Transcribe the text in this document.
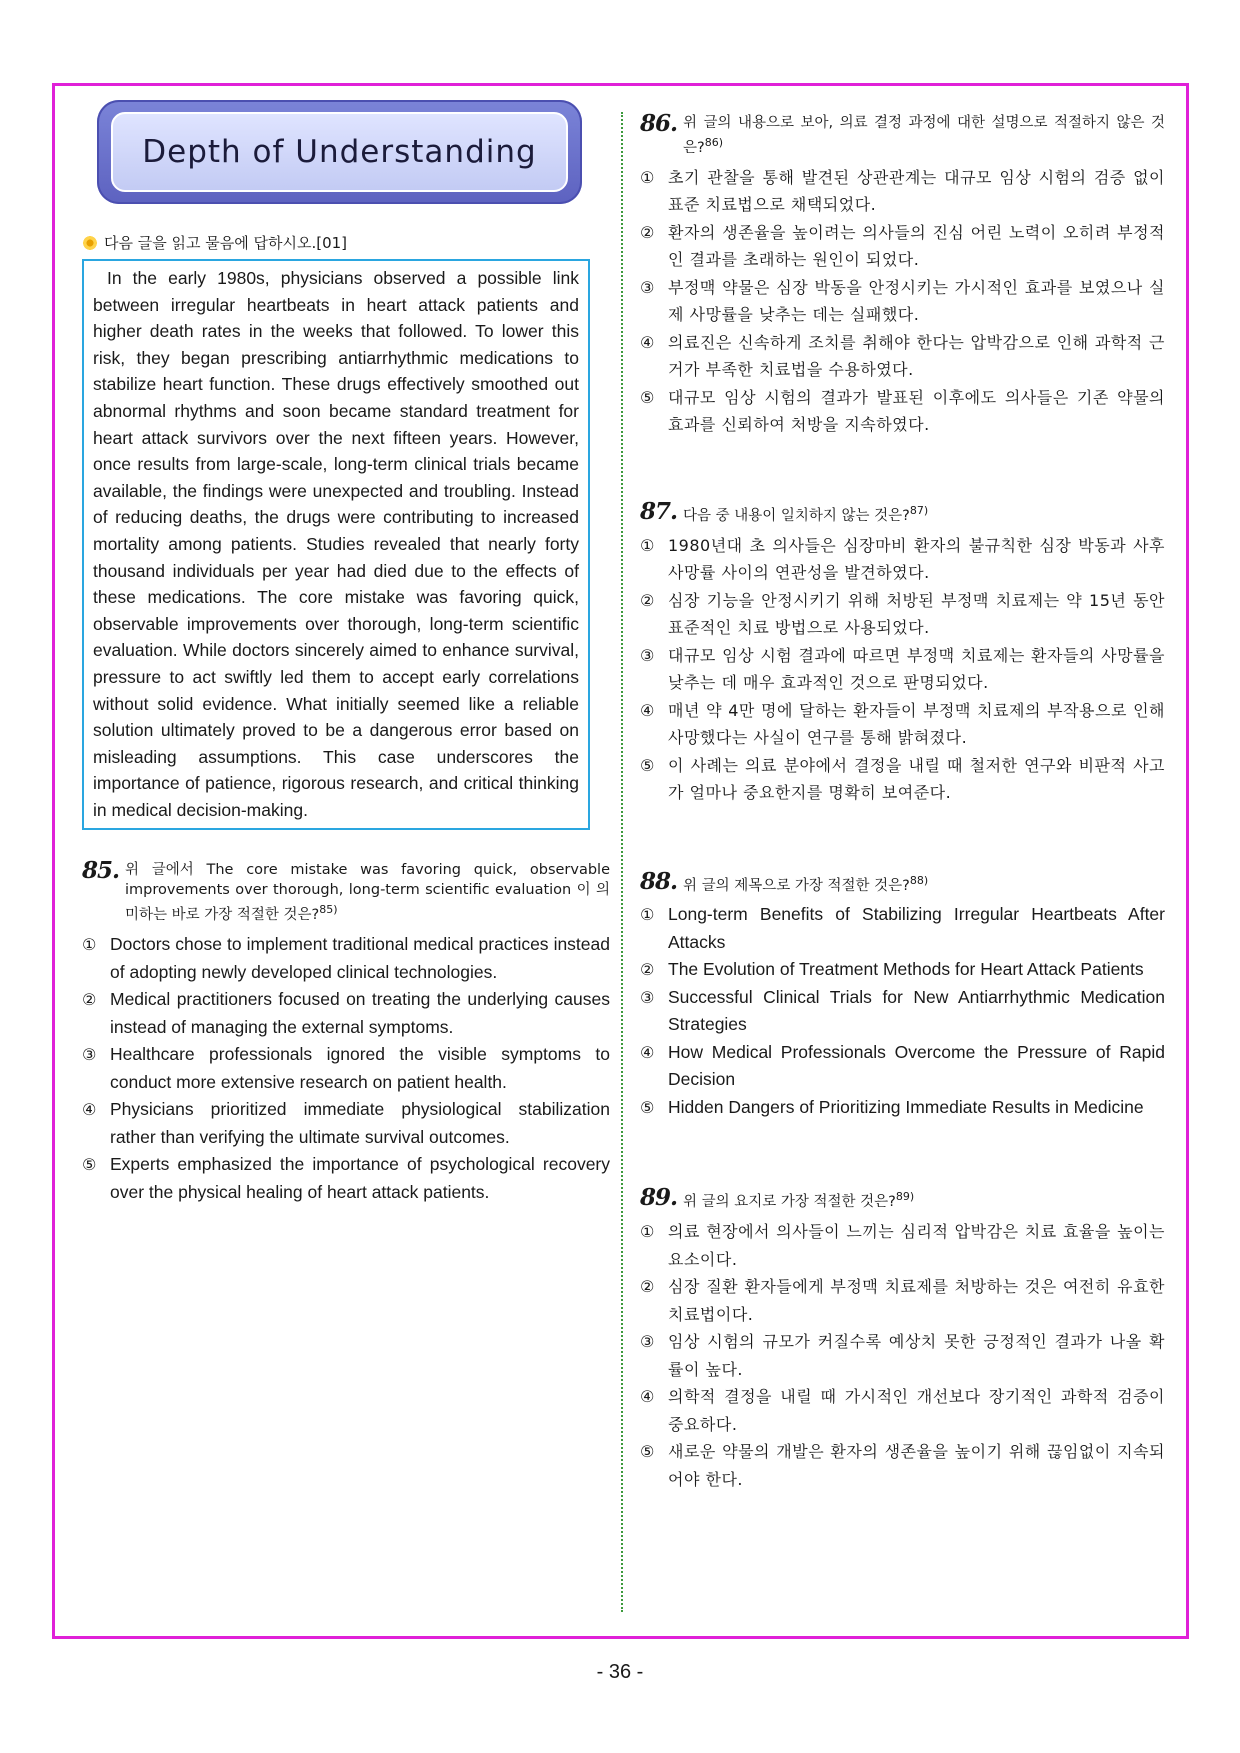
Depth of Understanding
다음 글을 읽고 물음에 답하시오.[01]

In the early 1980s, physicians observed a possible link between irregular heartbeats in heart attack patients and higher death rates in the weeks that followed. To lower this risk, they began prescribing antiarrhythmic medications to stabilize heart function. These drugs effectively smoothed out abnormal rhythms and soon became standard treatment for heart attack survivors over the next fifteen years. However, once results from large-scale, long-term clinical trials became available, the findings were unexpected and troubling. Instead of reducing deaths, the drugs were contributing to increased mortality among patients. Studies revealed that nearly forty thousand individuals per year had died due to the effects of these medications. The core mistake was favoring quick, observable improvements over thorough, long-term scientific evaluation. While doctors sincerely aimed to enhance survival, pressure to act swiftly led them to accept early correlations without solid evidence. What initially seemed like a reliable solution ultimately proved to be a dangerous error based on misleading assumptions. This case underscores the importance of patience, rigorous research, and critical thinking in medical decision-making.

85. 위 글에서 The core mistake was favoring quick, observable improvements over thorough, long-term scientific evaluation 이 의미하는 바로 가장 적절한 것은?$^{85)}$
① Doctors chose to implement traditional medical practices instead of adopting newly developed clinical technologies.
② Medical practitioners focused on treating the underlying causes instead of managing the external symptoms.
③ Healthcare professionals ignored the visible symptoms to conduct more extensive research on patient health.
④ Physicians prioritized immediate physiological stabilization rather than verifying the ultimate survival outcomes.
⑤ Experts emphasized the importance of psychological recovery over the physical healing of heart attack patients.
86. 위 글의 내용으로 보아, 의료 결정 과정에 대한 설명으로 적절하지 않은 것은?$^{86)}$
① 초기 관찰을 통해 발견된 상관관계는 대규모 임상 시험의 검증 없이 표준 치료법으로 채택되었다.
② 환자의 생존율을 높이려는 의사들의 진심 어린 노력이 오히려 부정적인 결과를 초래하는 원인이 되었다.
③ 부정맥 약물은 심장 박동을 안정시키는 가시적인 효과를 보였으나 실제 사망률을 낮추는 데는 실패했다.
④ 의료진은 신속하게 조치를 취해야 한다는 압박감으로 인해 과학적 근거가 부족한 치료법을 수용하였다.
⑤ 대규모 임상 시험의 결과가 발표된 이후에도 의사들은 기존 약물의 효과를 신뢰하여 처방을 지속하였다.
87. 다음 중 내용이 일치하지 않는 것은?$^{87)}$
① 1980년대 초 의사들은 심장마비 환자의 불규칙한 심장 박동과 사후 사망률 사이의 연관성을 발견하였다.
② 심장 기능을 안정시키기 위해 처방된 부정맥 치료제는 약 15년 동안 표준적인 치료 방법으로 사용되었다.
③ 대규모 임상 시험 결과에 따르면 부정맥 치료제는 환자들의 사망률을 낮추는 데 매우 효과적인 것으로 판명되었다.
④ 매년 약 4만 명에 달하는 환자들이 부정맥 치료제의 부작용으로 인해 사망했다는 사실이 연구를 통해 밝혀졌다.
⑤ 이 사례는 의료 분야에서 결정을 내릴 때 철저한 연구와 비판적 사고가 얼마나 중요한지를 명확히 보여준다.
88. 위 글의 제목으로 가장 적절한 것은?$^{88)}$
① Long-term Benefits of Stabilizing Irregular Heartbeats After Attacks
② The Evolution of Treatment Methods for Heart Attack Patients
③ Successful Clinical Trials for New Antiarrhythmic Medication Strategies
④ How Medical Professionals Overcome the Pressure of Rapid Decision
⑤ Hidden Dangers of Prioritizing Immediate Results in Medicine
89. 위 글의 요지로 가장 적절한 것은?$^{89)}$
① 의료 현장에서 의사들이 느끼는 심리적 압박감은 치료 효율을 높이는 요소이다.
② 심장 질환 환자들에게 부정맥 치료제를 처방하는 것은 여전히 유효한 치료법이다.
③ 임상 시험의 규모가 커질수록 예상치 못한 긍정적인 결과가 나올 확률이 높다.
④ 의학적 결정을 내릴 때 가시적인 개선보다 장기적인 과학적 검증이 중요하다.
⑤ 새로운 약물의 개발은 환자의 생존율을 높이기 위해 끊임없이 지속되어야 한다.
- 36 -
